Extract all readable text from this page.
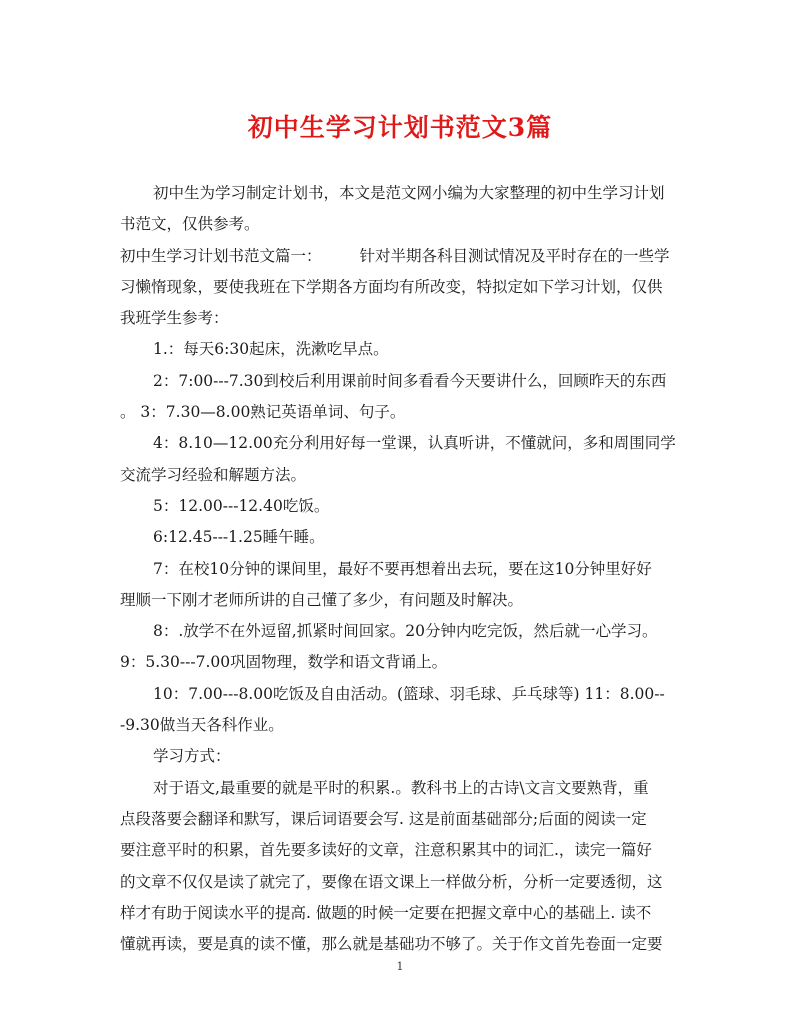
初中生学习计划书范文3篇
初中生为学习制定计划书，本文是范文网小编为大家整理的初中生学习计划
书范文，仅供参考。
初中生学习计划书范文篇一： 针对半期各科目测试情况及平时存在的一些学
习懒惰现象，要使我班在下学期各方面均有所改变，特拟定如下学习计划，仅供
我班学生参考：
1.：每天6:30起床，洗漱吃早点。
2：7:00---7.30到校后利用课前时间多看看今天要讲什么，回顾昨天的东西
。 3：7.30—8.00熟记英语单词、句子。
4：8.10—12.00充分利用好每一堂课，认真听讲，不懂就问，多和周围同学
交流学习经验和解题方法。
5：12.00---12.40吃饭。
6:12.45---1.25睡午睡。
7：在校10分钟的课间里，最好不要再想着出去玩，要在这10分钟里好好
理顺一下刚才老师所讲的自己懂了多少，有问题及时解决。
8：.放学不在外逗留,抓紧时间回家。20分钟内吃完饭，然后就一心学习。
9：5.30---7.00巩固物理，数学和语文背诵上。
10：7.00---8.00吃饭及自由活动。(篮球、羽毛球、乒乓球等) 11：8.00--
-9.30做当天各科作业。
学习方式：
对于语文,最重要的就是平时的积累.。教科书上的古诗\文言文要熟背，重
点段落要会翻译和默写，课后词语要会写. 这是前面基础部分;后面的阅读一定
要注意平时的积累，首先要多读好的文章，注意积累其中的词汇.，读完一篇好
的文章不仅仅是读了就完了，要像在语文课上一样做分析，分析一定要透彻，这
样才有助于阅读水平的提高. 做题的时候一定要在把握文章中心的基础上. 读不
懂就再读，要是真的读不懂，那么就是基础功不够了。关于作文首先卷面一定要
1
